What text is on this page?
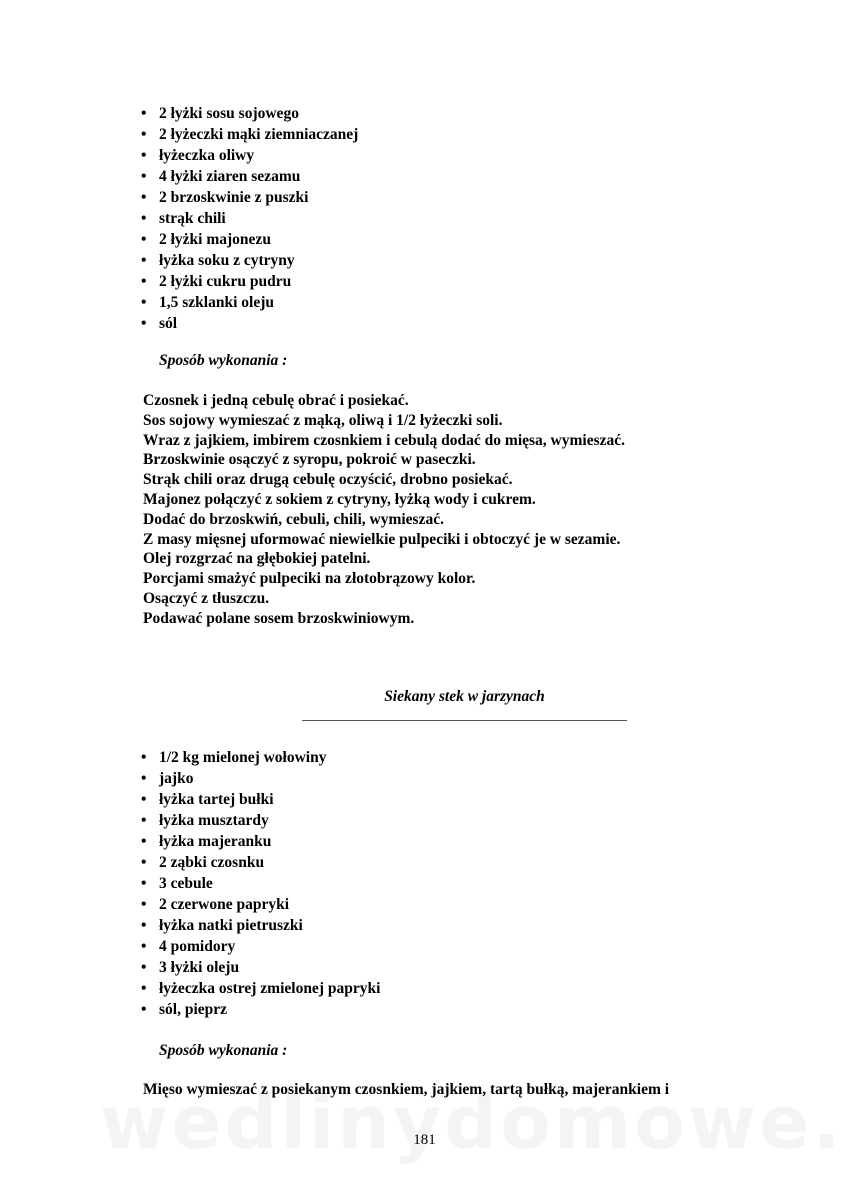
• 2 łyżki sosu sojowego
• 2 łyżeczki mąki ziemniaczanej
• łyżeczka oliwy
• 4 łyżki ziaren sezamu
• 2 brzoskwinie z puszki
• strąk chili
• 2 łyżki majonezu
• łyżka soku z cytryny
• 2 łyżki cukru pudru
• 1,5 szklanki oleju
• sól
Sposób wykonania :
Czosnek i jedną cebulę obrać i posiekać.
Sos sojowy wymieszać z mąką, oliwą i 1/2 łyżeczki soli.
Wraz z jajkiem, imbirem czosnkiem i cebulą dodać do mięsa, wymieszać.
Brzoskwinie osączyć z syropu, pokroić w paseczki.
Strąk chili oraz drugą cebulę oczyścić, drobno posiekać.
Majonez połączyć z sokiem z cytryny, łyżką wody i cukrem.
Dodać do brzoskwiń, cebuli, chili, wymieszać.
Z masy mięsnej uformować niewielkie pulpeciki i obtoczyć je w sezamie.
Olej rozgrzać na głębokiej patelni.
Porcjami smażyć pulpeciki na złotobrązowy kolor.
Osączyć z tłuszczu.
Podawać polane sosem brzoskwiniowym.
Siekany stek w jarzynach
• 1/2 kg mielonej wołowiny
• jajko
• łyżka tartej bułki
• łyżka musztardy
• łyżka majeranku
• 2 ząbki czosnku
• 3 cebule
• 2 czerwone papryki
• łyżka natki pietruszki
• 4 pomidory
• 3 łyżki oleju
• łyżeczka ostrej zmielonej papryki
• sól, pieprz
Sposób wykonania :
Mięso wymieszać z posiekanym czosnkiem, jajkiem, tartą bułką, majerankiem i
181
